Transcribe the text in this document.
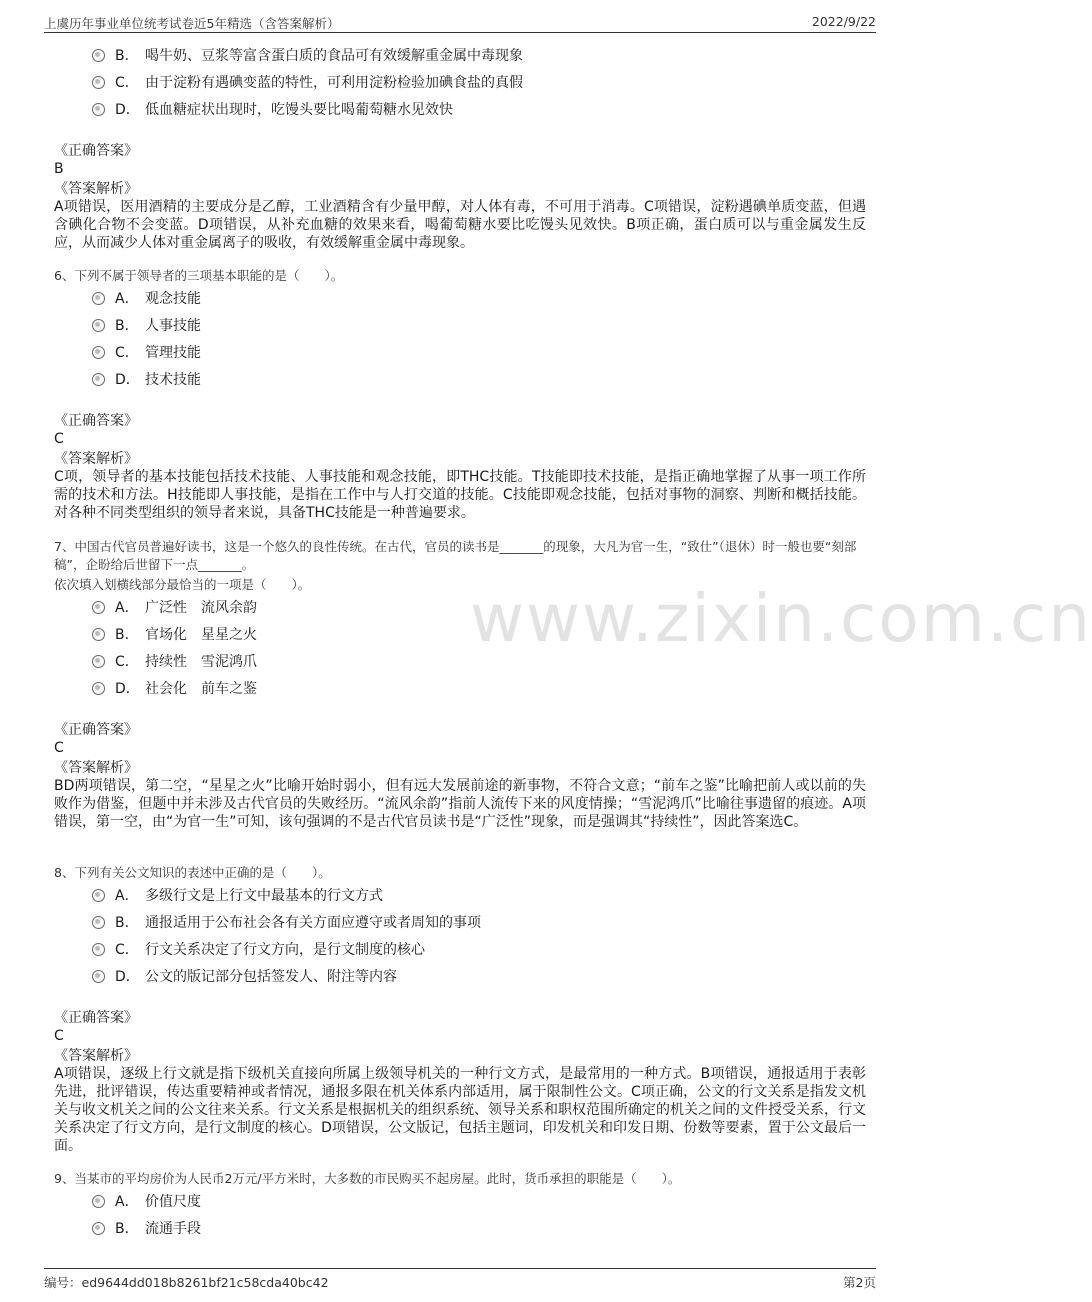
上虞历年事业单位统考试卷近5年精选（含答案解析）	2022/9/22
www.zixin.com.cn
B． 喝牛奶、豆浆等富含蛋白质的食品可有效缓解重金属中毒现象
C． 由于淀粉有遇碘变蓝的特性，可利用淀粉检验加碘食盐的真假
D． 低血糖症状出现时，吃馒头要比喝葡萄糖水见效快
《正确答案》
B
《答案解析》
A项错误，医用酒精的主要成分是乙醇，工业酒精含有少量甲醇，对人体有毒，不可用于消毒。C项错误，淀粉遇碘单质变蓝，但遇含碘化合物不会变蓝。D项错误，从补充血糖的效果来看，喝葡萄糖水要比吃馒头见效快。B项正确，蛋白质可以与重金属发生反应，从而减少人体对重金属离子的吸收，有效缓解重金属中毒现象。
6、下列不属于领导者的三项基本职能的是（　　）。
A． 观念技能
B． 人事技能
C． 管理技能
D． 技术技能
《正确答案》
C
《答案解析》
C项，领导者的基本技能包括技术技能、人事技能和观念技能，即THC技能。T技能即技术技能，是指正确地掌握了从事一项工作所需的技术和方法。H技能即人事技能，是指在工作中与人打交道的技能。C技能即观念技能，包括对事物的洞察、判断和概括技能。对各种不同类型组织的领导者来说，具备THC技能是一种普遍要求。
7、中国古代官员普遍好读书，这是一个悠久的良性传统。在古代，官员的读书是_______的现象，大凡为官一生，“致仕”（退休）时一般也要“刻部稿”，企盼给后世留下一点_______。
依次填入划横线部分最恰当的一项是（　　）。
A． 广泛性　流风余韵
B． 官场化　星星之火
C． 持续性　雪泥鸿爪
D． 社会化　前车之鉴
《正确答案》
C
《答案解析》
BD两项错误，第二空，“星星之火”比喻开始时弱小，但有远大发展前途的新事物，不符合文意；“前车之鉴”比喻把前人或以前的失败作为借鉴，但题中并未涉及古代官员的失败经历。“流风余韵”指前人流传下来的风度情操；“雪泥鸿爪”比喻往事遗留的痕迹。A项错误，第一空，由“为官一生”可知，该句强调的不是古代官员读书是“广泛性”现象，而是强调其“持续性”，因此答案选C。
8、下列有关公文知识的表述中正确的是（　　）。
A． 多级行文是上行文中最基本的行文方式
B． 通报适用于公布社会各有关方面应遵守或者周知的事项
C． 行文关系决定了行文方向，是行文制度的核心
D． 公文的版记部分包括签发人、附注等内容
《正确答案》
C
《答案解析》
A项错误，逐级上行文就是指下级机关直接向所属上级领导机关的一种行文方式，是最常用的一种方式。B项错误，通报适用于表彰先进，批评错误，传达重要精神或者情况，通报多限在机关体系内部适用，属于限制性公文。C项正确，公文的行文关系是指发文机关与收文机关之间的公文往来关系。行文关系是根据机关的组织系统、领导关系和职权范围所确定的机关之间的文件授受关系，行文关系决定了行文方向，是行文制度的核心。D项错误，公文版记，包括主题词，印发机关和印发日期、份数等要素，置于公文最后一面。
9、当某市的平均房价为人民币2万元/平方米时，大多数的市民购买不起房屋。此时，货币承担的职能是（　　）。
A． 价值尺度
B． 流通手段
编号：ed9644dd018b8261bf21c58cda40bc42	第2页
